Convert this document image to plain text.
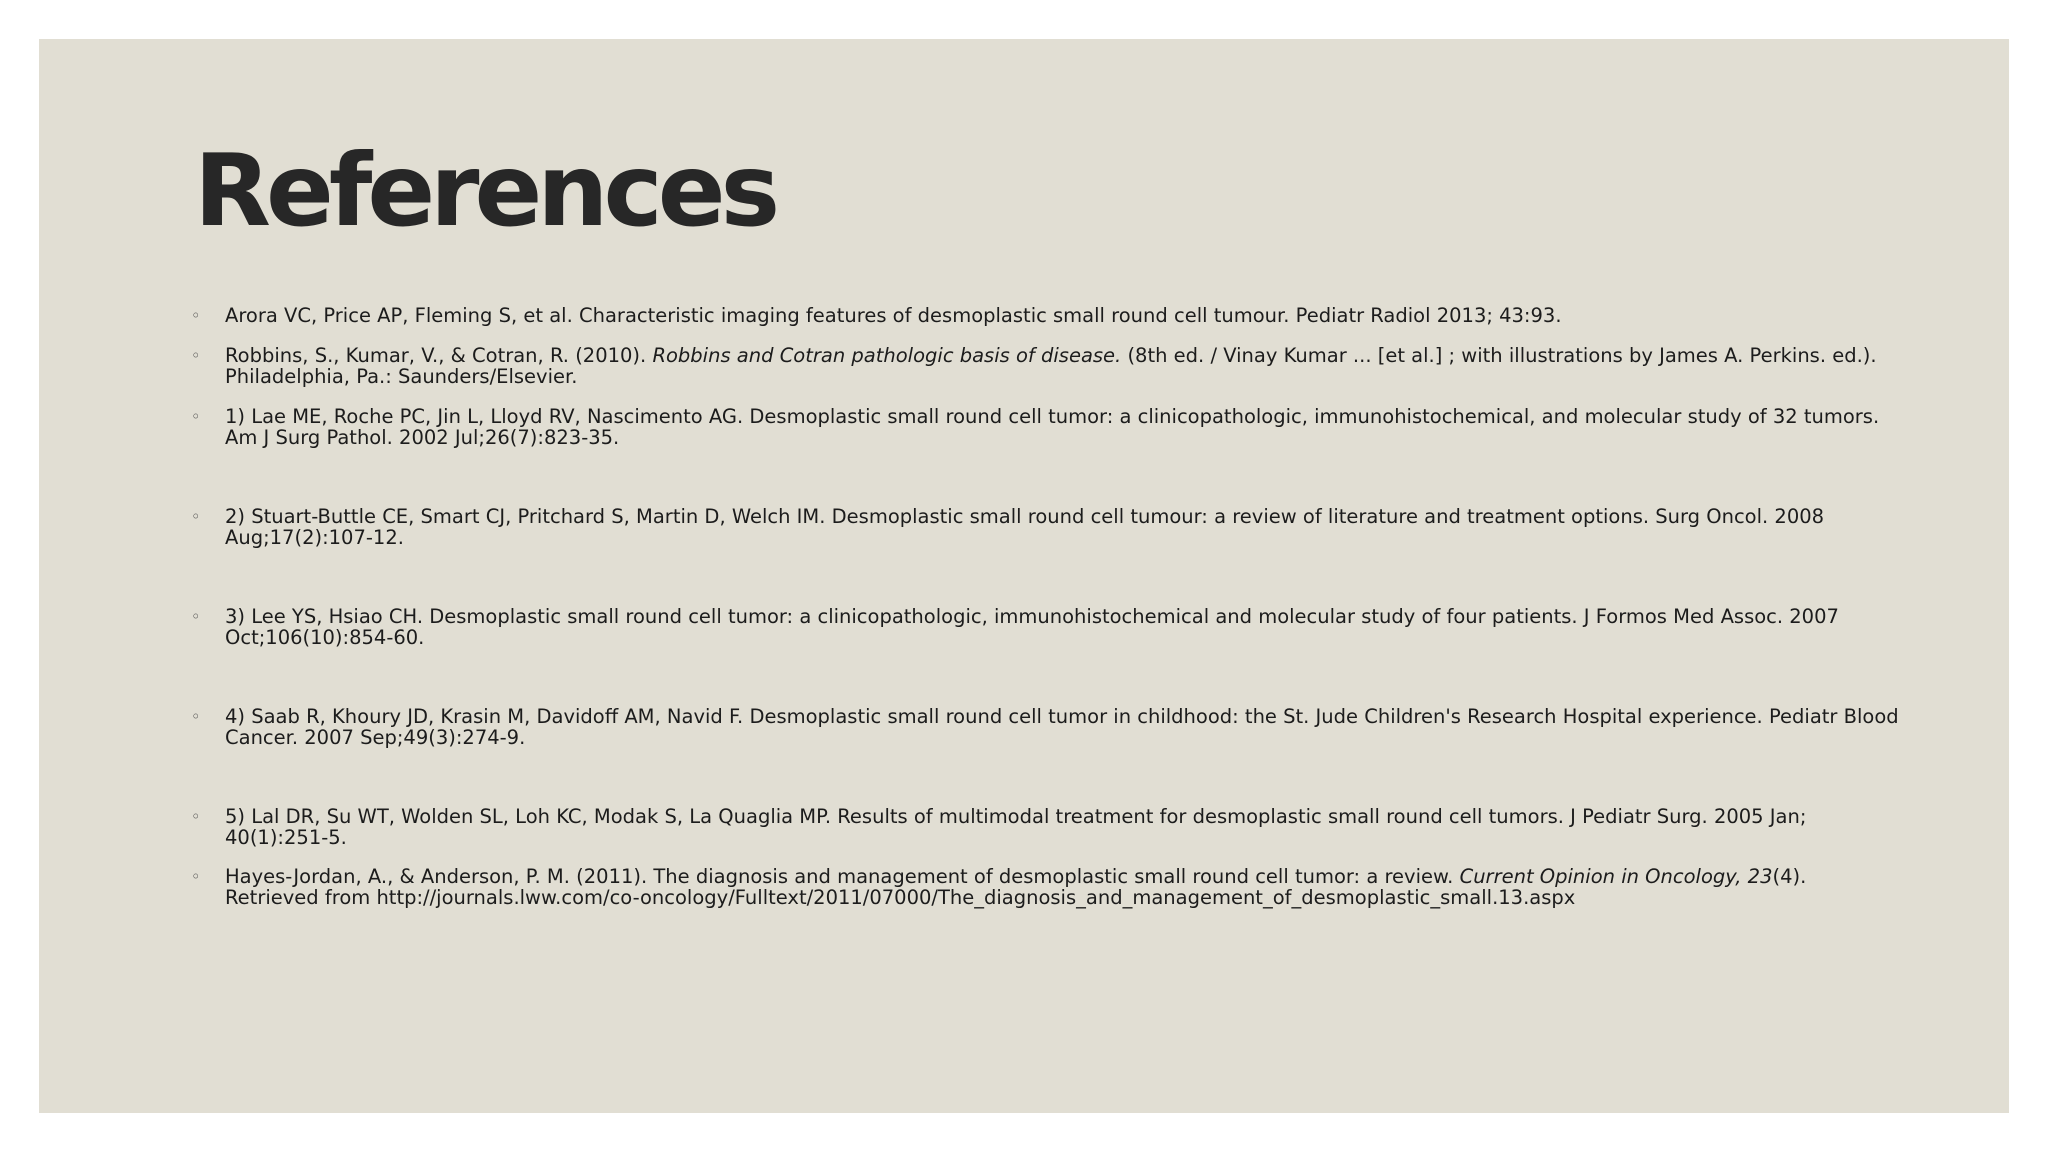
References
◦ Arora VC, Price AP, Fleming S, et al. Characteristic imaging features of desmoplastic small round cell tumour. Pediatr Radiol 2013; 43:93.
◦ Robbins, S., Kumar, V., & Cotran, R. (2010). Robbins and Cotran pathologic basis of disease. (8th ed. / Vinay Kumar ... [et al.] ; with illustrations by James A. Perkins. ed.). Philadelphia, Pa.: Saunders/Elsevier.
◦ 1) Lae ME, Roche PC, Jin L, Lloyd RV, Nascimento AG. Desmoplastic small round cell tumor: a clinicopathologic, immunohistochemical, and molecular study of 32 tumors. Am J Surg Pathol. 2002 Jul;26(7):823-35.
◦ 2) Stuart-Buttle CE, Smart CJ, Pritchard S, Martin D, Welch IM. Desmoplastic small round cell tumour: a review of literature and treatment options. Surg Oncol. 2008 Aug;17(2):107-12.
◦ 3) Lee YS, Hsiao CH. Desmoplastic small round cell tumor: a clinicopathologic, immunohistochemical and molecular study of four patients. J Formos Med Assoc. 2007 Oct;106(10):854-60.
◦ 4) Saab R, Khoury JD, Krasin M, Davidoff AM, Navid F. Desmoplastic small round cell tumor in childhood: the St. Jude Children's Research Hospital experience. Pediatr Blood Cancer. 2007 Sep;49(3):274-9.
◦ 5) Lal DR, Su WT, Wolden SL, Loh KC, Modak S, La Quaglia MP. Results of multimodal treatment for desmoplastic small round cell tumors. J Pediatr Surg. 2005 Jan; 40(1):251-5.
◦ Hayes-Jordan, A., & Anderson, P. M. (2011). The diagnosis and management of desmoplastic small round cell tumor: a review. Current Opinion in Oncology, 23(4). Retrieved from http://journals.lww.com/co-oncology/Fulltext/2011/07000/The_diagnosis_and_management_of_desmoplastic_small.13.aspx
